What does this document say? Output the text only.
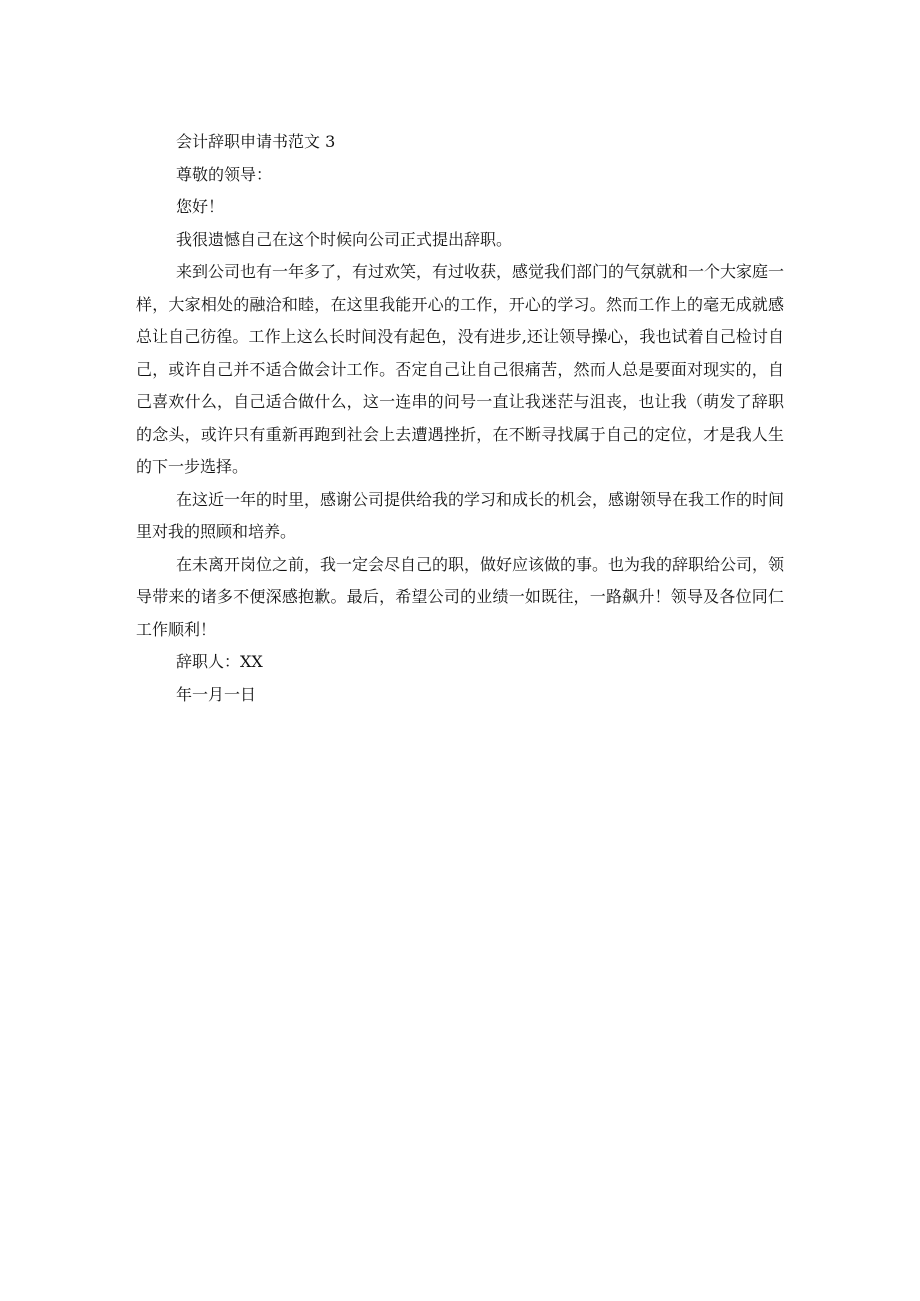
会计辞职申请书范文 3

尊敬的领导：

您好！

我很遗憾自己在这个时候向公司正式提出辞职。

来到公司也有一年多了，有过欢笑，有过收获，感觉我们部门的气氛就和一个大家庭一样，大家相处的融洽和睦，在这里我能开心的工作，开心的学习。然而工作上的毫无成就感总让自己彷徨。工作上这么长时间没有起色，没有进步,还让领导操心，我也试着自己检讨自己，或许自己并不适合做会计工作。否定自己让自己很痛苦，然而人总是要面对现实的，自己喜欢什么，自己适合做什么，这一连串的问号一直让我迷茫与沮丧，也让我（萌发了辞职的念头，或许只有重新再跑到社会上去遭遇挫折，在不断寻找属于自己的定位，才是我人生的下一步选择。

在这近一年的时里，感谢公司提供给我的学习和成长的机会，感谢领导在我工作的时间里对我的照顾和培养。

在未离开岗位之前，我一定会尽自己的职，做好应该做的事。也为我的辞职给公司，领导带来的诸多不便深感抱歉。最后，希望公司的业绩一如既往，一路飙升！领导及各位同仁工作顺利！

辞职人：XX

年一月一日
